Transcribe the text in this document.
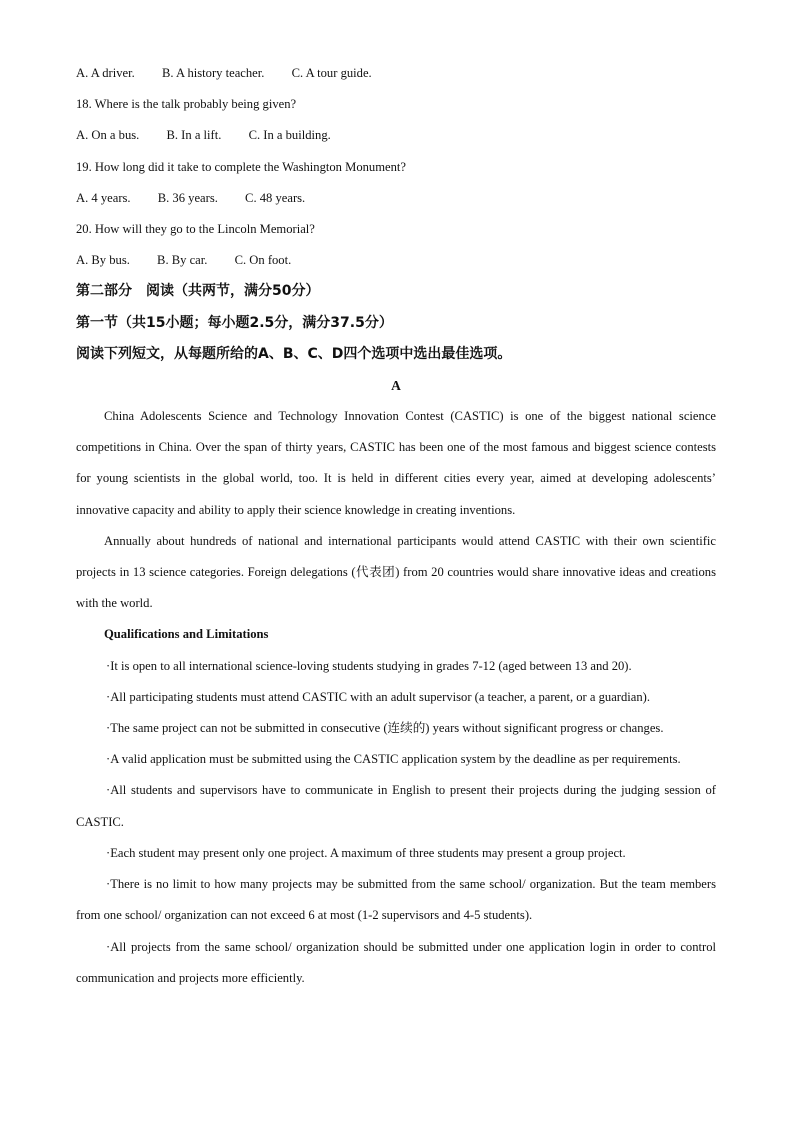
A. A driver. B. A history teacher. C. A tour guide.
18. Where is the talk probably being given?
A. On a bus. B. In a lift. C. In a building.
19. How long did it take to complete the Washington Monument?
A. 4 years. B. 36 years. C. 48 years.
20. How will they go to the Lincoln Memorial?
A. By bus. B. By car. C. On foot.
第二部分　阅读（共两节，满分50分）
第一节（共15小题；每小题2.5分，满分37.5分）
阅读下列短文，从每题所给的A、B、C、D四个选项中选出最佳选项。
A

China Adolescents Science and Technology Innovation Contest (CASTIC) is one of the biggest national science competitions in China. Over the span of thirty years, CASTIC has been one of the most famous and biggest science contests for young scientists in the global world, too. It is held in different cities every year, aimed at developing adolescents’ innovative capacity and ability to apply their science knowledge in creating inventions.

Annually about hundreds of national and international participants would attend CASTIC with their own scientific projects in 13 science categories. Foreign delegations (代表团) from 20 countries would share innovative ideas and creations with the world.

Qualifications and Limitations

·It is open to all international science-loving students studying in grades 7-12 (aged between 13 and 20).

·All participating students must attend CASTIC with an adult supervisor (a teacher, a parent, or a guardian).

·The same project can not be submitted in consecutive (连续的) years without significant progress or changes.

·A valid application must be submitted using the CASTIC application system by the deadline as per requirements.

·All students and supervisors have to communicate in English to present their projects during the judging session of CASTIC.

·Each student may present only one project. A maximum of three students may present a group project.

·There is no limit to how many projects may be submitted from the same school/ organization. But the team members from one school/ organization can not exceed 6 at most (1-2 supervisors and 4-5 students).

·All projects from the same school/ organization should be submitted under one application login in order to control communication and projects more efficiently.
